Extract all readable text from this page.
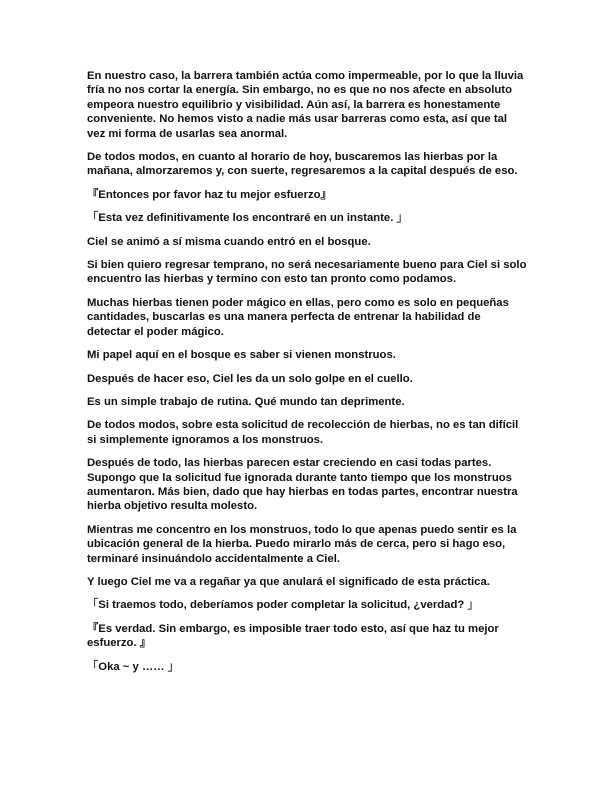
En nuestro caso, la barrera también actúa como impermeable, por lo que la lluvia fría no nos cortar la energía. Sin embargo, no es que no nos afecte en absoluto empeora nuestro equilibrio y visibilidad. Aún así, la barrera es honestamente conveniente. No hemos visto a nadie más usar barreras como esta, así que tal vez mi forma de usarlas sea anormal.

De todos modos, en cuanto al horario de hoy, buscaremos las hierbas por la mañana, almorzaremos y, con suerte, regresaremos a la capital después de eso.

『Entonces por favor haz tu mejor esfuerzo』

「Esta vez definitivamente los encontraré en un instante. 」

Ciel se animó a sí misma cuando entró en el bosque.

Si bien quiero regresar temprano, no será necesariamente bueno para Ciel si solo encuentro las hierbas y termino con esto tan pronto como podamos.

Muchas hierbas tienen poder mágico en ellas, pero como es solo en pequeñas cantidades, buscarlas es una manera perfecta de entrenar la habilidad de detectar el poder mágico.

Mi papel aquí en el bosque es saber si vienen monstruos.

Después de hacer eso, Ciel les da un solo golpe en el cuello.

Es un simple trabajo de rutina. Qué mundo tan deprimente.

De todos modos, sobre esta solicitud de recolección de hierbas, no es tan difícil si simplemente ignoramos a los monstruos.

Después de todo, las hierbas parecen estar creciendo en casi todas partes. Supongo que la solicitud fue ignorada durante tanto tiempo que los monstruos aumentaron. Más bien, dado que hay hierbas en todas partes, encontrar nuestra hierba objetivo resulta molesto.

Mientras me concentro en los monstruos, todo lo que apenas puedo sentir es la ubicación general de la hierba. Puedo mirarlo más de cerca, pero si hago eso, terminaré insinuándolo accidentalmente a Ciel.

Y luego Ciel me va a regañar ya que anulará el significado de esta práctica.

「Si traemos todo, deberíamos poder completar la solicitud, ¿verdad? 」

『Es verdad. Sin embargo, es imposible traer todo esto, así que haz tu mejor esfuerzo. 』

「Oka ~ y …… 」
